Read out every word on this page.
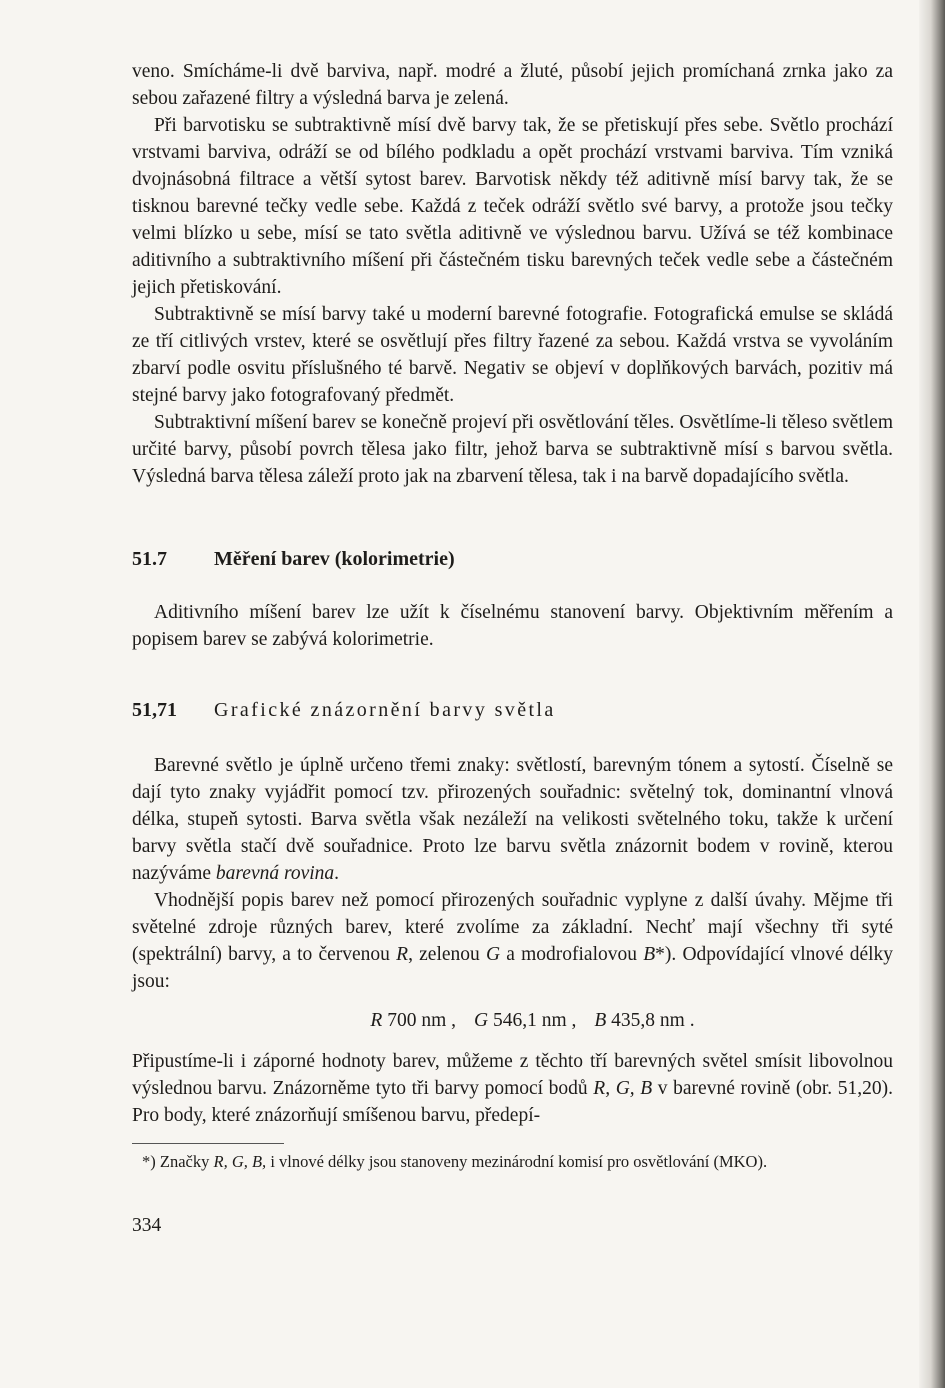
veno. Smícháme-li dvě barviva, např. modré a žluté, působí jejich promíchaná zrnka jako za sebou zařazené filtry a výsledná barva je zelená.

Při barvotisku se subtraktivně mísí dvě barvy tak, že se přetiskují přes sebe. Světlo prochází vrstvami barviva, odráží se od bílého podkladu a opět prochází vrstvami barviva. Tím vzniká dvojnásobná filtrace a větší sytost barev. Barvotisk někdy též aditivně mísí barvy tak, že se tisknou barevné tečky vedle sebe. Každá z teček odráží světlo své barvy, a protože jsou tečky velmi blízko u sebe, mísí se tato světla aditivně ve výslednou barvu. Užívá se též kombinace aditivního a subtraktivního míšení při částečném tisku barevných teček vedle sebe a částečném jejich přetiskování.

Subtraktivně se mísí barvy také u moderní barevné fotografie. Fotografická emulse se skládá ze tří citlivých vrstev, které se osvětlují přes filtry řazené za sebou. Každá vrstva se vyvoláním zbarví podle osvitu příslušného té barvě. Negativ se objeví v doplňkových barvách, pozitiv má stejné barvy jako fotografovaný předmět.

Subtraktivní míšení barev se konečně projeví při osvětlování těles. Osvětlíme-li těleso světlem určité barvy, působí povrch tělesa jako filtr, jehož barva se subtraktivně mísí s barvou světla. Výsledná barva tělesa záleží proto jak na zbarvení tělesa, tak i na barvě dopadajícího světla.

51.7	Měření barev (kolorimetrie)

Aditivního míšení barev lze užít k číselnému stanovení barvy. Objektivním měřením a popisem barev se zabývá kolorimetrie.

51,71	Grafické znázornění barvy světla

Barevné světlo je úplně určeno třemi znaky: světlostí, barevným tónem a sytostí. Číselně se dají tyto znaky vyjádřit pomocí tzv. přirozených souřadnic: světelný tok, dominantní vlnová délka, stupeň sytosti. Barva světla však nezáleží na velikosti světelného toku, takže k určení barvy světla stačí dvě souřadnice. Proto lze barvu světla znázornit bodem v rovině, kterou nazýváme barevná rovina.

Vhodnější popis barev než pomocí přirozených souřadnic vyplyne z další úvahy. Mějme tři světelné zdroje různých barev, které zvolíme za základní. Nechť mají všechny tři syté (spektrální) barvy, a to červenou R, zelenou G a modrofialovou B*). Odpovídající vlnové délky jsou:

R 700 nm , G 546,1 nm , B 435,8 nm .

Připustíme-li i záporné hodnoty barev, můžeme z těchto tří barevných světel smísit libovolnou výslednou barvu. Znázorněme tyto tři barvy pomocí bodů R, G, B v barevné rovině (obr. 51,20). Pro body, které znázorňují smíšenou barvu, předepí-

*) Značky R, G, B, i vlnové délky jsou stanoveny mezinárodní komisí pro osvětlování (MKO).
334
